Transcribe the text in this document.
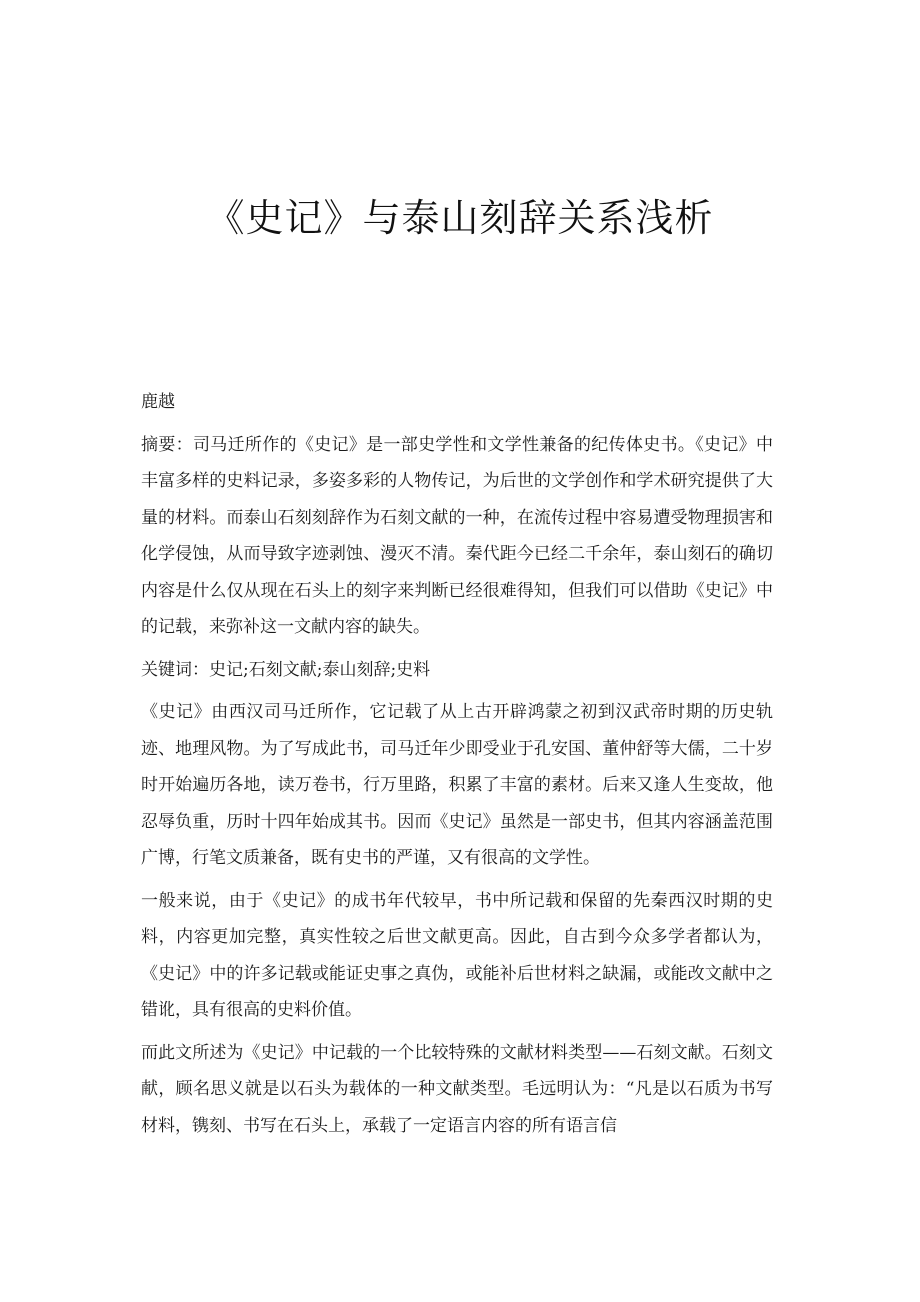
《史记》与泰山刻辞关系浅析

鹿越

摘要：司马迁所作的《史记》是一部史学性和文学性兼备的纪传体史书。《史记》中丰富多样的史料记录，多姿多彩的人物传记，为后世的文学创作和学术研究提供了大量的材料。而泰山石刻刻辞作为石刻文献的一种，在流传过程中容易遭受物理损害和化学侵蚀，从而导致字迹剥蚀、漫灭不清。秦代距今已经二千余年，泰山刻石的确切内容是什么仅从现在石头上的刻字来判断已经很难得知，但我们可以借助《史记》中的记载，来弥补这一文献内容的缺失。

关键词：史记;石刻文献;泰山刻辞;史料

《史记》由西汉司马迁所作，它记载了从上古开辟鸿蒙之初到汉武帝时期的历史轨迹、地理风物。为了写成此书，司马迁年少即受业于孔安国、董仲舒等大儒，二十岁时开始遍历各地，读万卷书，行万里路，积累了丰富的素材。后来又逢人生变故，他忍辱负重，历时十四年始成其书。因而《史记》虽然是一部史书，但其内容涵盖范围广博，行笔文质兼备，既有史书的严谨，又有很高的文学性。

一般来说，由于《史记》的成书年代较早，书中所记载和保留的先秦西汉时期的史料，内容更加完整，真实性较之后世文献更高。因此，自古到今众多学者都认为，《史记》中的许多记载或能证史事之真伪，或能补后世材料之缺漏，或能改文献中之错讹，具有很高的史料价值。

而此文所述为《史记》中记载的一个比较特殊的文献材料类型——石刻文献。石刻文献，顾名思义就是以石头为载体的一种文献类型。毛远明认为：“凡是以石质为书写材料，镌刻、书写在石头上，承载了一定语言内容的所有语言信
